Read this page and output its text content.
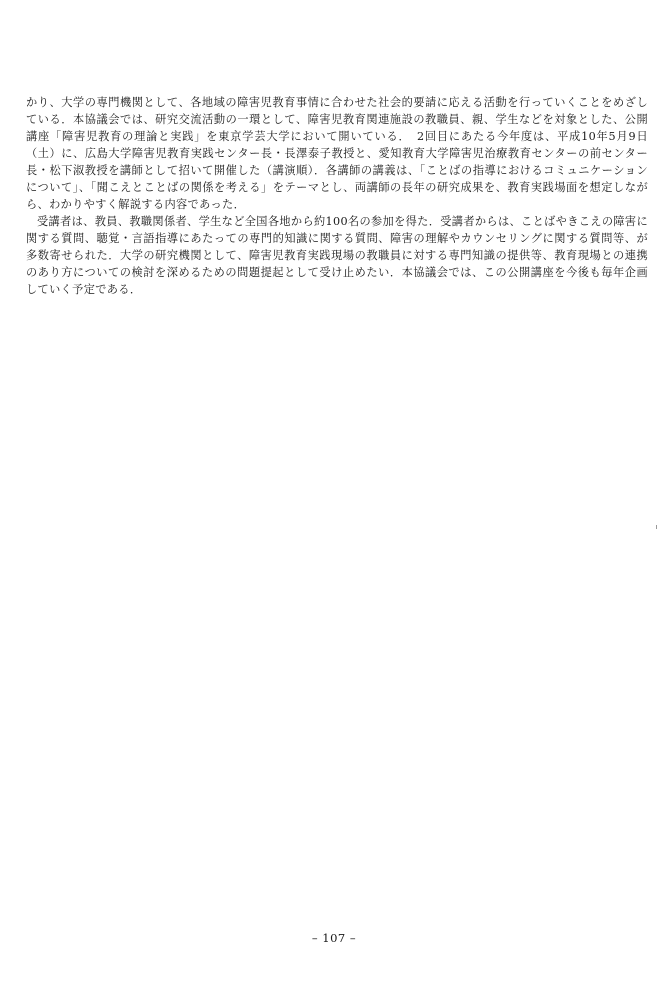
かり、大学の専門機関として、各地域の障害児教育事情に合わせた社会的要請に応える活動を行っていくことをめざしている．本協議会では、研究交流活動の一環として、障害児教育関連施設の教職員、親、学生などを対象とした、公開講座「障害児教育の理論と実践」を東京学芸大学において開いている．　2回目にあたる今年度は、平成10年5月9日（土）に、広島大学障害児教育実践センター長・長澤泰子教授と、愛知教育大学障害児治療教育センターの前センター長・松下淑教授を講師として招いて開催した（講演順）．各講師の講義は、「ことばの指導におけるコミュニケーションについて」、「聞こえとことばの関係を考える」をテーマとし、両講師の長年の研究成果を、教育実践場面を想定しながら、わかりやすく解説する内容であった．

受講者は、教員、教職関係者、学生など全国各地から約100名の参加を得た．受講者からは、ことばやきこえの障害に関する質問、聴覚・言語指導にあたっての専門的知識に関する質問、障害の理解やカウンセリングに関する質問等、が多数寄せられた．大学の研究機関として、障害児教育実践現場の教職員に対する専門知識の提供等、教育現場との連携のあり方についての検討を深めるための問題提起として受け止めたい．本協議会では、この公開講座を今後も毎年企画していく予定である．

– 107 –
